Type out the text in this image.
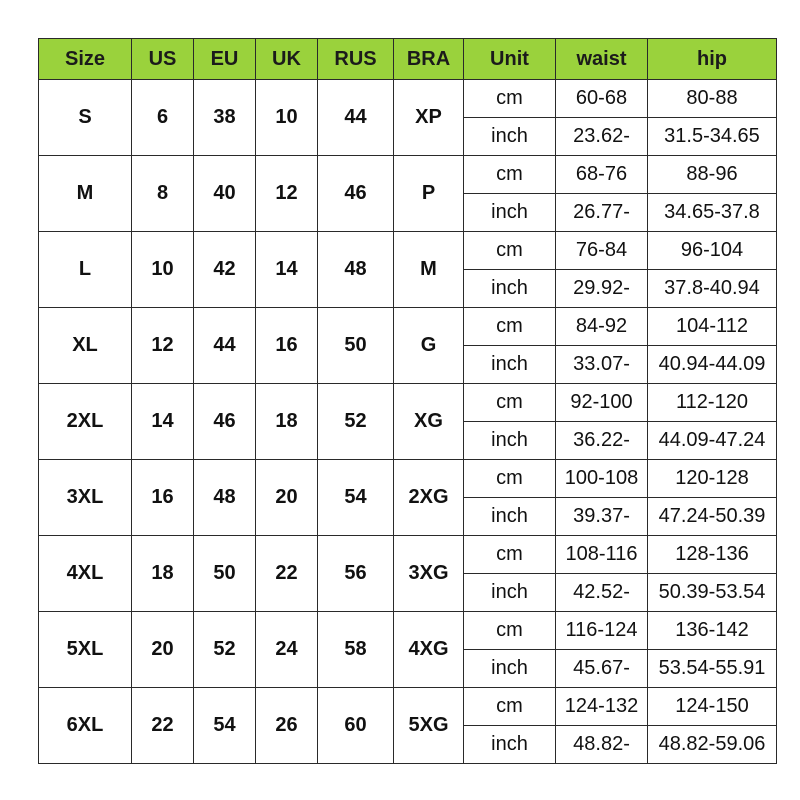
Size	US	EU	UK	RUS	BRA	Unit	waist	hip
S	6	38	10	44	XP	cm	60-68	80-88
						inch	23.62-	31.5-34.65
M	8	40	12	46	P	cm	68-76	88-96
						inch	26.77-	34.65-37.8
L	10	42	14	48	M	cm	76-84	96-104
						inch	29.92-	37.8-40.94
XL	12	44	16	50	G	cm	84-92	104-112
						inch	33.07-	40.94-44.09
2XL	14	46	18	52	XG	cm	92-100	112-120
						inch	36.22-	44.09-47.24
3XL	16	48	20	54	2XG	cm	100-108	120-128
						inch	39.37-	47.24-50.39
4XL	18	50	22	56	3XG	cm	108-116	128-136
						inch	42.52-	50.39-53.54
5XL	20	52	24	58	4XG	cm	116-124	136-142
						inch	45.67-	53.54-55.91
6XL	22	54	26	60	5XG	cm	124-132	124-150
						inch	48.82-	48.82-59.06
